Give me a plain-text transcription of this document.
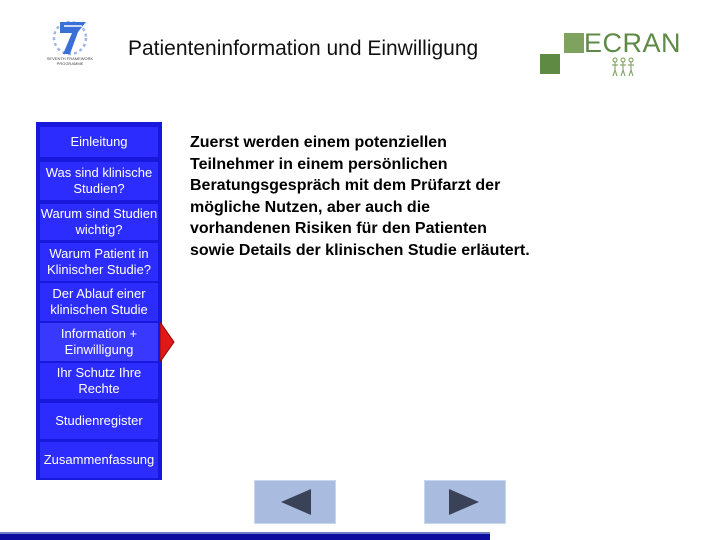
SEVENTH FRAMEWORK PROGRAMME
Patienteninformation und Einwilligung	ECRAN
Einleitung
Was sind klinische Studien?
Warum sind Studien wichtig?
Warum Patient in Klinischer Studie?
Der Ablauf einer klinischen Studie
Information + Einwilligung
Ihr Schutz Ihre Rechte
Studienregister
Zusammenfassung
Zuerst werden einem potenziellen Teilnehmer in einem persönlichen Beratungsgespräch mit dem Prüfarzt der mögliche Nutzen, aber auch die vorhandenen Risiken für den Patienten sowie Details der klinischen Studie erläutert.
